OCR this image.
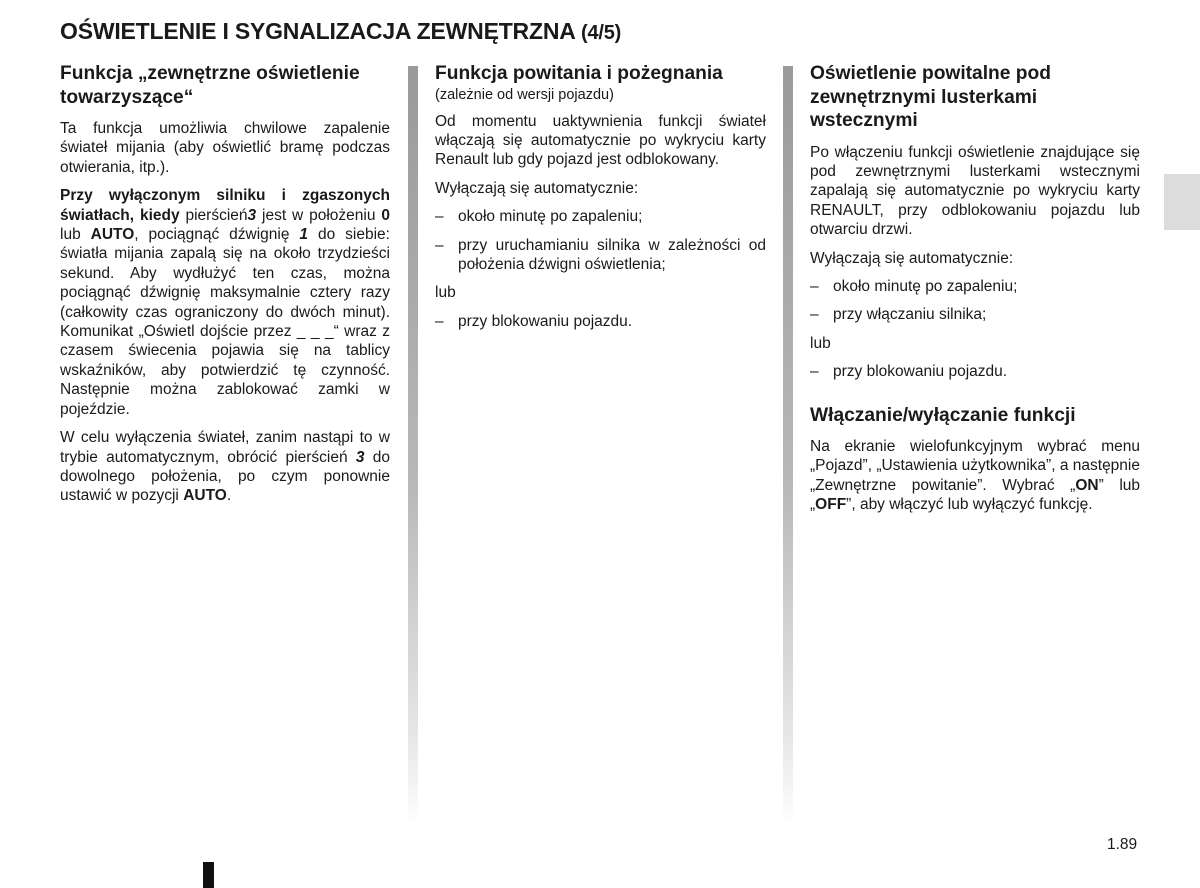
OŚWIETLENIE I SYGNALIZACJA ZEWNĘTRZNA (4/5)
Funkcja „zewnętrzne oświetlenie towarzyszące“

Ta funkcja umożliwia chwilowe zapalenie świateł mijania (aby oświetlić bramę podczas otwierania, itp.).

Przy wyłączonym silniku i zgaszonych światłach, kiedy pierścień3 jest w położeniu 0 lub AUTO, pociągnąć dźwignię 1 do siebie: światła mijania zapalą się na około trzydzieści sekund. Aby wydłużyć ten czas, można pociągnąć dźwignię maksymalnie cztery razy (całkowity czas ograniczony do dwóch minut). Komunikat „Oświetl dojście przez _ _ _“ wraz z czasem świecenia pojawia się na tablicy wskaźników, aby potwierdzić tę czynność. Następnie można zablokować zamki w pojeździe.

W celu wyłączenia świateł, zanim nastąpi to w trybie automatycznym, obrócić pierścień 3 do dowolnego położenia, po czym ponownie ustawić w pozycji AUTO.

Funkcja powitania i pożegnania
(zależnie od wersji pojazdu)

Od momentu uaktywnienia funkcji świateł włączają się automatycznie po wykryciu karty Renault lub gdy pojazd jest odblokowany.

Wyłączają się automatycznie:

– około minutę po zapaleniu;
– przy uruchamianiu silnika w zależności od położenia dźwigni oświetlenia;

lub

– przy blokowaniu pojazdu.
Oświetlenie powitalne pod zewnętrznymi lusterkami wstecznymi

Po włączeniu funkcji oświetlenie znajdujące się pod zewnętrznymi lusterkami wstecznymi zapalają się automatycznie po wykryciu karty RENAULT, przy odblokowaniu pojazdu lub otwarciu drzwi.

Wyłączają się automatycznie:

– około minutę po zapaleniu;
– przy włączaniu silnika;

lub

– przy blokowaniu pojazdu.
Włączanie/wyłączanie funkcji

Na ekranie wielofunkcyjnym wybrać menu „Pojazd”, „Ustawienia użytkownika”, a następnie „Zewnętrzne powitanie”. Wybrać „ON” lub „OFF”, aby włączyć lub wyłączyć funkcję.

1.89
